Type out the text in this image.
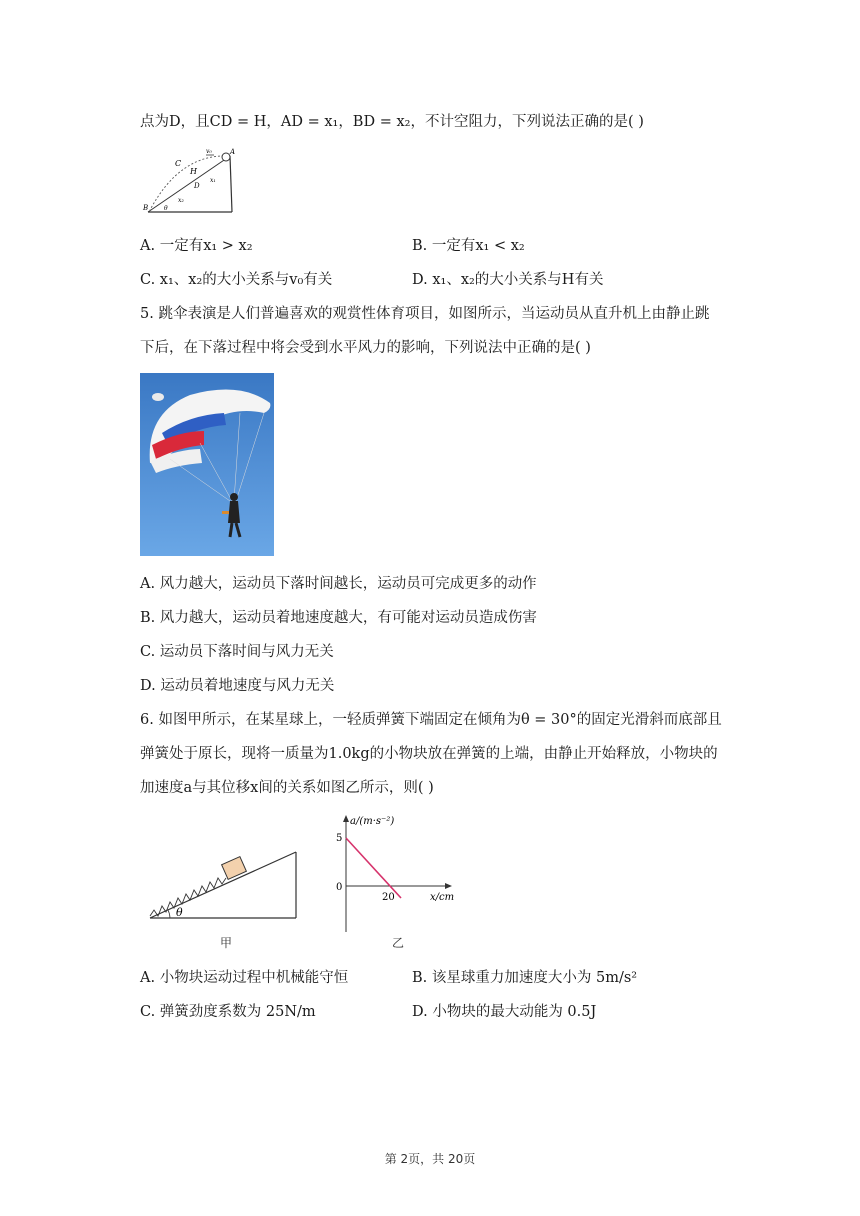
点为D，且CD = H，AD = x₁，BD = x₂，不计空阻力，下列说法正确的是( )
C
v₀	A
H
x₁
D
x₂
B	θ
A. 一定有x₁ > x₂	B. 一定有x₁ < x₂
C. x₁、x₂的大小关系与v₀有关	D. x₁、x₂的大小关系与H有关
5. 跳伞表演是人们普遍喜欢的观赏性体育项目，如图所示，当运动员从直升机上由静止跳
下后，在下落过程中将会受到水平风力的影响，下列说法中正确的是( )
A. 风力越大，运动员下落时间越长，运动员可完成更多的动作
B. 风力越大，运动员着地速度越大，有可能对运动员造成伤害
C. 运动员下落时间与风力无关
D. 运动员着地速度与风力无关
6. 如图甲所示，在某星球上，一轻质弹簧下端固定在倾角为θ = 30°的固定光滑斜而底部且
弹簧处于原长，现将一质量为1.0kg的小物块放在弹簧的上端，由静止开始释放，小物块的
加速度a与其位移x间的关系如图乙所示，则( )
θ
甲
a/(m·s⁻²)
5
0
20	x/cm
乙
A. 小物块运动过程中机械能守恒	B. 该星球重力加速度大小为 5m/s²
C. 弹簧劲度系数为 25N/m	D. 小物块的最大动能为 0.5J
第 2页，共 20页
